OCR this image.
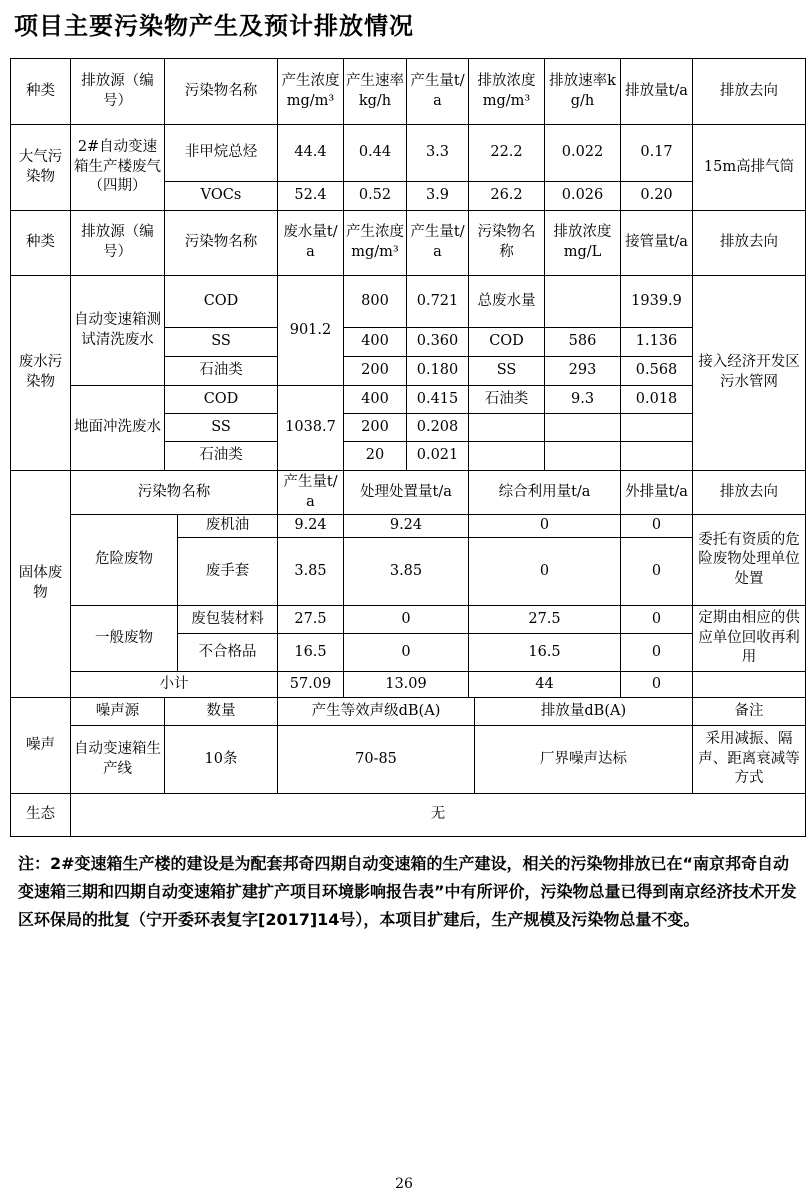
项目主要污染物产生及预计排放情况
种类	排放源（编号）	污染物名称		产生浓度mg/m³	产生速率kg/h	产生量t/a	排放浓度mg/m³		排放速率kg/h	排放量t/a	排放去向
大气污染物	2#自动变速箱生产楼废气（四期）	非甲烷总烃		44.4	0.44	3.3	22.2		0.022	0.17	15m高排气筒
		VOCs		52.4	0.52	3.9	26.2		0.026	0.20	
种类	排放源（编号）	污染物名称		废水量t/a	产生浓度mg/m³	产生量t/a	污染物名称		排放浓度mg/L	接管量t/a	排放去向
废水污染物	自动变速箱测试清洗废水	COD		901.2	800	0.721	总废水量			1939.9	接入经济开发区污水管网
		SS			400	0.360	COD		586	1.136	
		石油类			200	0.180	SS		293	0.568	
	地面冲洗废水	COD		1038.7	400	0.415	石油类		9.3	0.018	
		SS			200	0.208					
		石油类			20	0.021					
固体废物	污染物名称			产生量t/a	处理处置量t/a		综合利用量t/a			外排量t/a	排放去向
	危险废物		废机油	9.24	9.24		0			0	委托有资质的危险废物处理单位处置
			废手套	3.85	3.85		0			0	
	一般废物		废包装材料	27.5	0		27.5			0	定期由相应的供应单位回收再利用
			不合格品	16.5	0		16.5			0	
	小计			57.09	13.09		44			0	
噪声	噪声源	数量		产生等效声级dB(A)				排放量dB(A)			备注
	自动变速箱生产线	10条		70-85				厂界噪声达标			采用减振、隔声、距离衰减等方式
生态	无										
注：2#变速箱生产楼的建设是为配套邦奇四期自动变速箱的生产建设，相关的污染物排放已在“南京邦奇自动变速箱三期和四期自动变速箱扩建扩产项目环境影响报告表”中有所评价，污染物总量已得到南京经济技术开发区环保局的批复（宁开委环表复字[2017]14号），本项目扩建后，生产规模及污染物总量不变。
26
